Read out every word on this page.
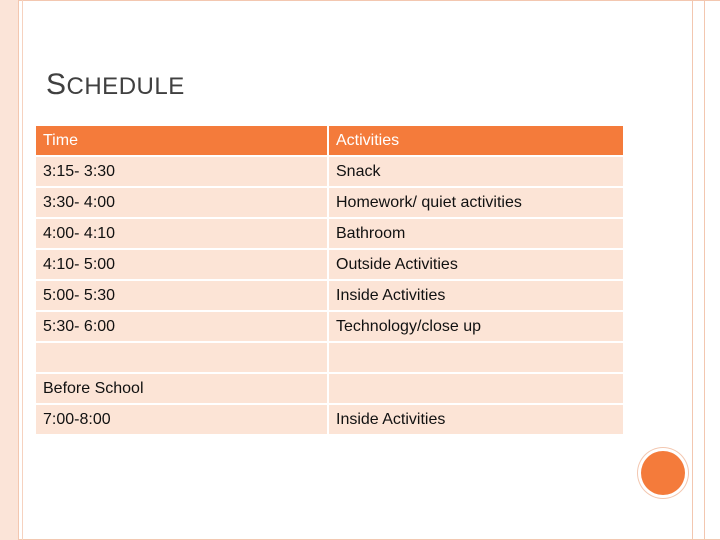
SCHEDULE
Time	Activities
3:15- 3:30	Snack
3:30- 4:00	Homework/ quiet activities
4:00- 4:10	Bathroom
4:10- 5:00	Outside Activities
5:00- 5:30	Inside Activities
5:30- 6:00	Technology/close up
Before School
7:00-8:00	Inside Activities
